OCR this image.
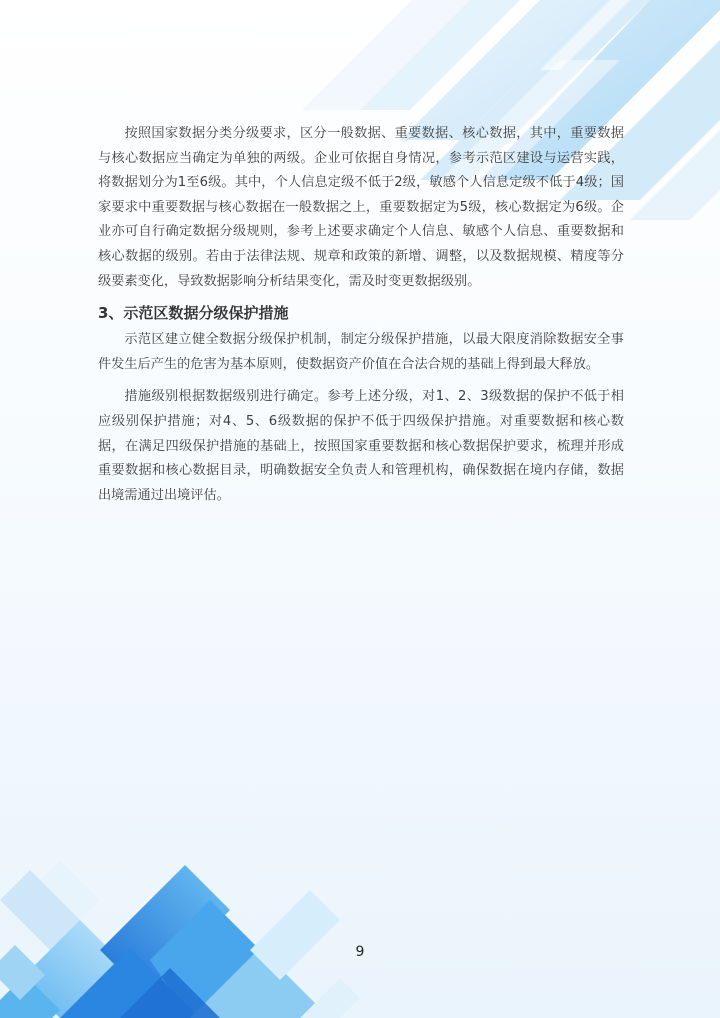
按照国家数据分类分级要求，区分一般数据、重要数据、核心数据，其中，重要数据与核心数据应当确定为单独的两级。企业可依据自身情况，参考示范区建设与运营实践，将数据划分为1至6级。其中，个人信息定级不低于2级，敏感个人信息定级不低于4级；国家要求中重要数据与核心数据在一般数据之上，重要数据定为5级，核心数据定为6级。企业亦可自行确定数据分级规则，参考上述要求确定个人信息、敏感个人信息、重要数据和核心数据的级别。若由于法律法规、规章和政策的新增、调整，以及数据规模、精度等分级要素变化，导致数据影响分析结果变化，需及时变更数据级别。

3、示范区数据分级保护措施

示范区建立健全数据分级保护机制，制定分级保护措施，以最大限度消除数据安全事件发生后产生的危害为基本原则，使数据资产价值在合法合规的基础上得到最大释放。

措施级别根据数据级别进行确定。参考上述分级，对1、2、3级数据的保护不低于相应级别保护措施；对4、5、6级数据的保护不低于四级保护措施。对重要数据和核心数据，在满足四级保护措施的基础上，按照国家重要数据和核心数据保护要求，梳理并形成重要数据和核心数据目录，明确数据安全负责人和管理机构，确保数据在境内存储，数据出境需通过出境评估。

9
